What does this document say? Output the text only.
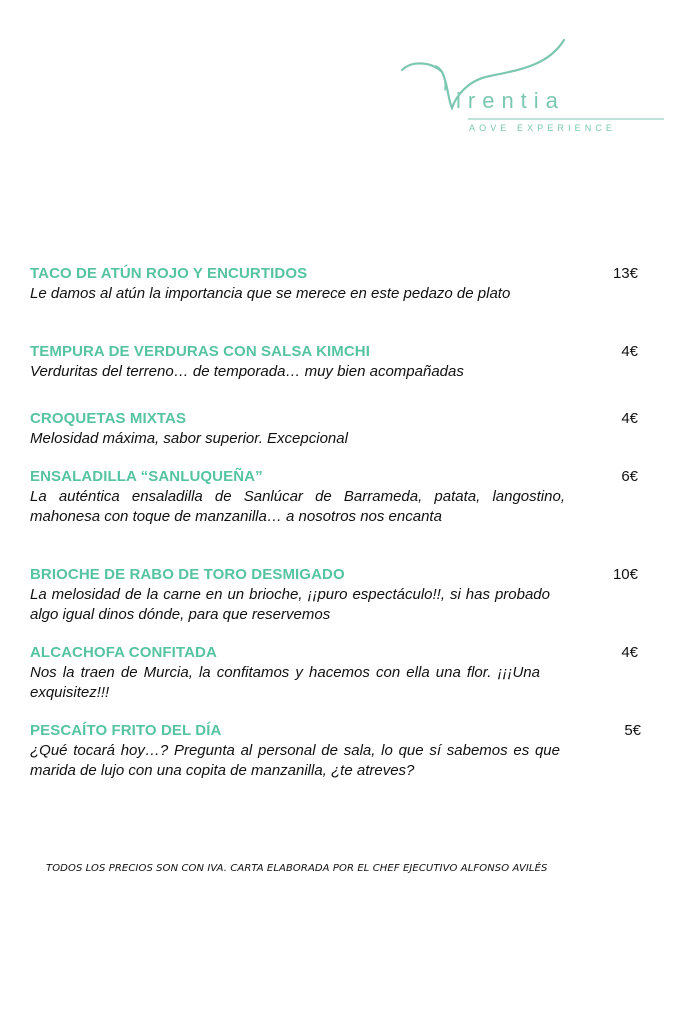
irentia
AOVE EXPERIENCE
TACO DE ATÚN ROJO Y ENCURTIDOS	13€
Le damos al atún la importancia que se merece en este pedazo de plato
TEMPURA DE VERDURAS CON SALSA KIMCHI	4€
Verduritas del terreno… de temporada… muy bien acompañadas
CROQUETAS MIXTAS	4€
Melosidad máxima, sabor superior. Excepcional
ENSALADILLA “SANLUQUEÑA”	6€
La auténtica ensaladilla de Sanlúcar de Barrameda, patata, langostino, mahonesa con toque de manzanilla… a nosotros nos encanta
BRIOCHE DE RABO DE TORO DESMIGADO	10€
La melosidad de la carne en un brioche, ¡¡puro espectáculo!!, si has probado algo igual dinos dónde, para que reservemos
ALCACHOFA CONFITADA	4€
Nos la traen de Murcia, la confitamos y hacemos con ella una flor. ¡¡¡Una exquisitez!!!
PESCAÍTO FRITO DEL DÍA	5€
¿Qué tocará hoy…? Pregunta al personal de sala, lo que sí sabemos es que marida de lujo con una copita de manzanilla, ¿te atreves?
TODOS LOS PRECIOS SON CON IVA. CARTA ELABORADA POR EL CHEF EJECUTIVO ALFONSO AVILÉS
